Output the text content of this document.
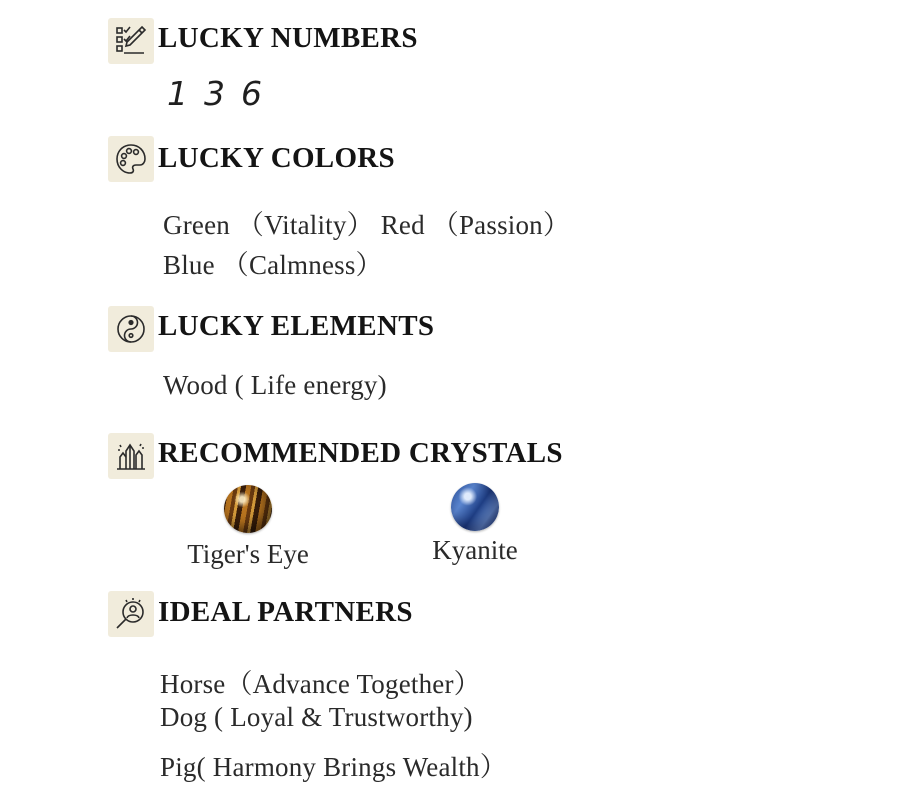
LUCKY NUMBERS
1 3 6
LUCKY COLORS
Green （Vitality） Red （Passion）
Blue （Calmness）
LUCKY ELEMENTS
Wood ( Life energy)
RECOMMENDED CRYSTALS
Tiger's Eye	Kyanite
IDEAL PARTNERS
Horse（Advance Together）
Dog ( Loyal & Trustworthy)
Pig( Harmony Brings Wealth）
